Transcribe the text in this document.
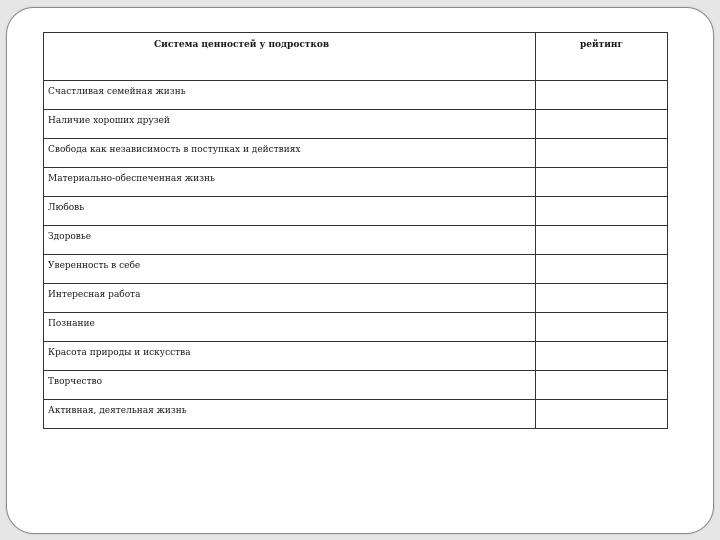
Система ценностей у подростков	рейтинг
Счастливая семейная жизнь	
Наличие хороших друзей	
Свобода как независимость в поступках и действиях	
Материально-обеспеченная жизнь	
Любовь	
Здоровье	
Уверенность в себе	
Интересная работа	
Познание	
Красота природы и искусства	
Творчество	
Активная, деятельная жизнь	
